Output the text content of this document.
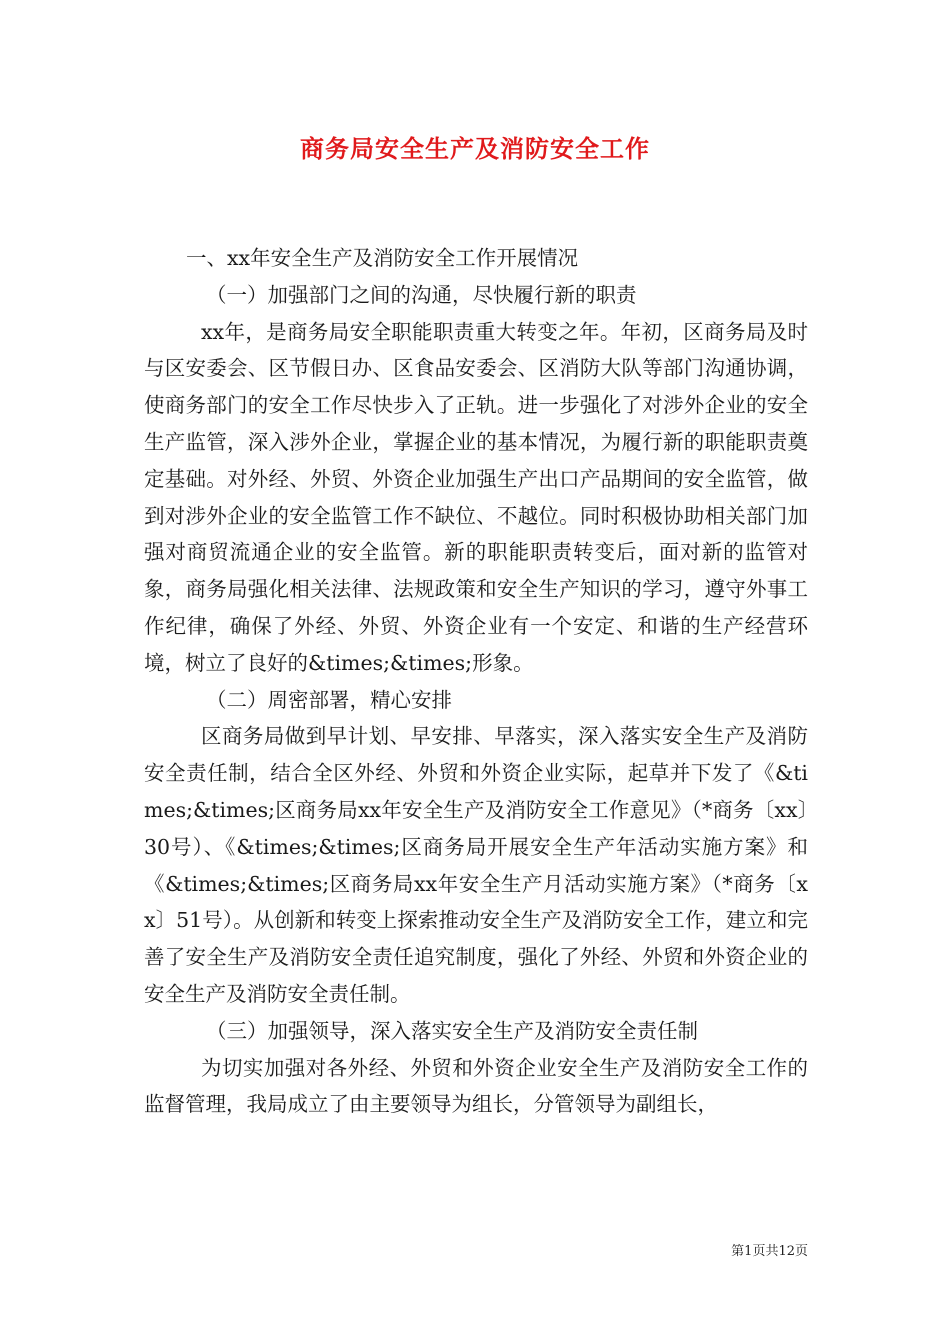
商务局安全生产及消防安全工作

一、xx年安全生产及消防安全工作开展情况

（一）加强部门之间的沟通，尽快履行新的职责

xx年，是商务局安全职能职责重大转变之年。年初，区商务局及时与区安委会、区节假日办、区食品安委会、区消防大队等部门沟通协调，使商务部门的安全工作尽快步入了正轨。进一步强化了对涉外企业的安全生产监管，深入涉外企业，掌握企业的基本情况，为履行新的职能职责奠定基础。对外经、外贸、外资企业加强生产出口产品期间的安全监管，做到对涉外企业的安全监管工作不缺位、不越位。同时积极协助相关部门加强对商贸流通企业的安全监管。新的职能职责转变后，面对新的监管对象，商务局强化相关法律、法规政策和安全生产知识的学习，遵守外事工作纪律，确保了外经、外贸、外资企业有一个安定、和谐的生产经营环境，树立了良好的&times;&times;形象。

（二）周密部署，精心安排

区商务局做到早计划、早安排、早落实，深入落实安全生产及消防安全责任制，结合全区外经、外贸和外资企业实际，起草并下发了《&times;&times;区商务局xx年安全生产及消防安全工作意见》（*商务〔xx〕30号）、《&times;&times;区商务局开展安全生产年活动实施方案》和《&times;&times;区商务局xx年安全生产月活动实施方案》（*商务〔xx〕51号）。从创新和转变上探索推动安全生产及消防安全工作，建立和完善了安全生产及消防安全责任追究制度，强化了外经、外贸和外资企业的安全生产及消防安全责任制。

（三）加强领导，深入落实安全生产及消防安全责任制

为切实加强对各外经、外贸和外资企业安全生产及消防安全工作的监督管理，我局成立了由主要领导为组长，分管领导为副组长，

第1页共12页
